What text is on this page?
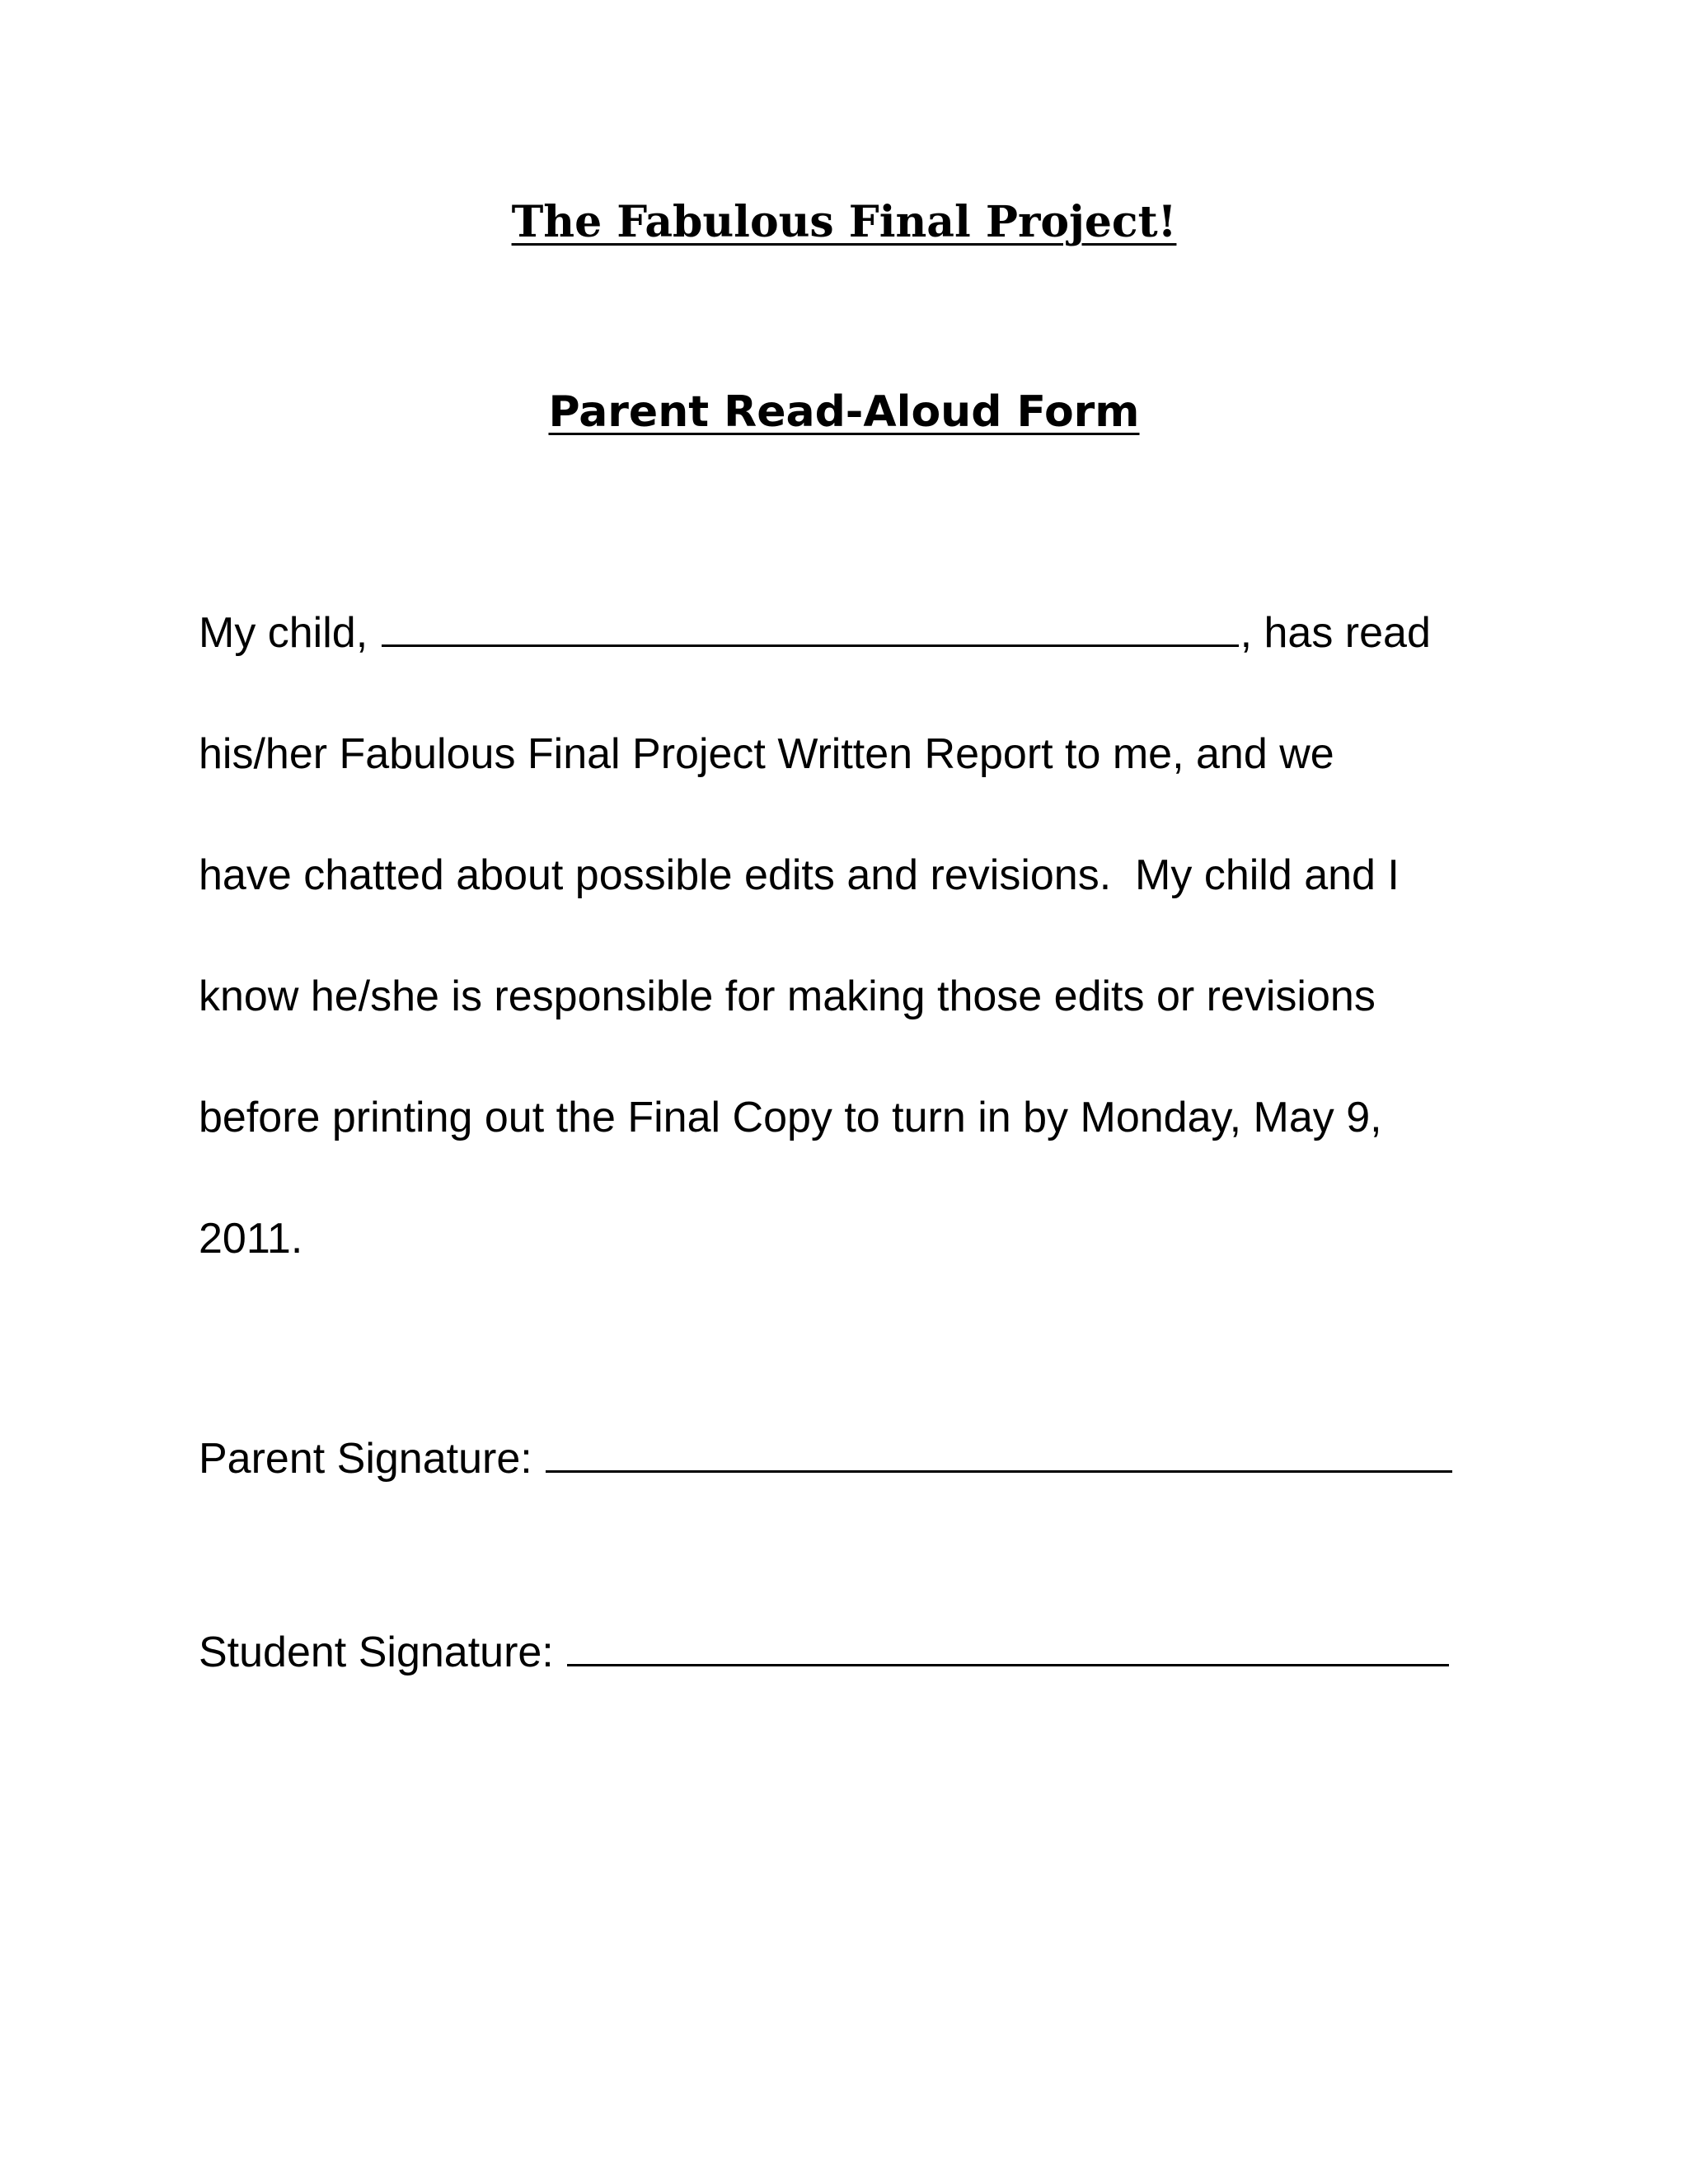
The Fabulous Final Project!
Parent Read-Aloud Form
My child,	, has read
his/her Fabulous Final Project Written Report to me, and we
have chatted about possible edits and revisions.  My child and I
know he/she is responsible for making those edits or revisions
before printing out the Final Copy to turn in by Monday, May 9,
2011.
Parent Signature:
Student Signature:
